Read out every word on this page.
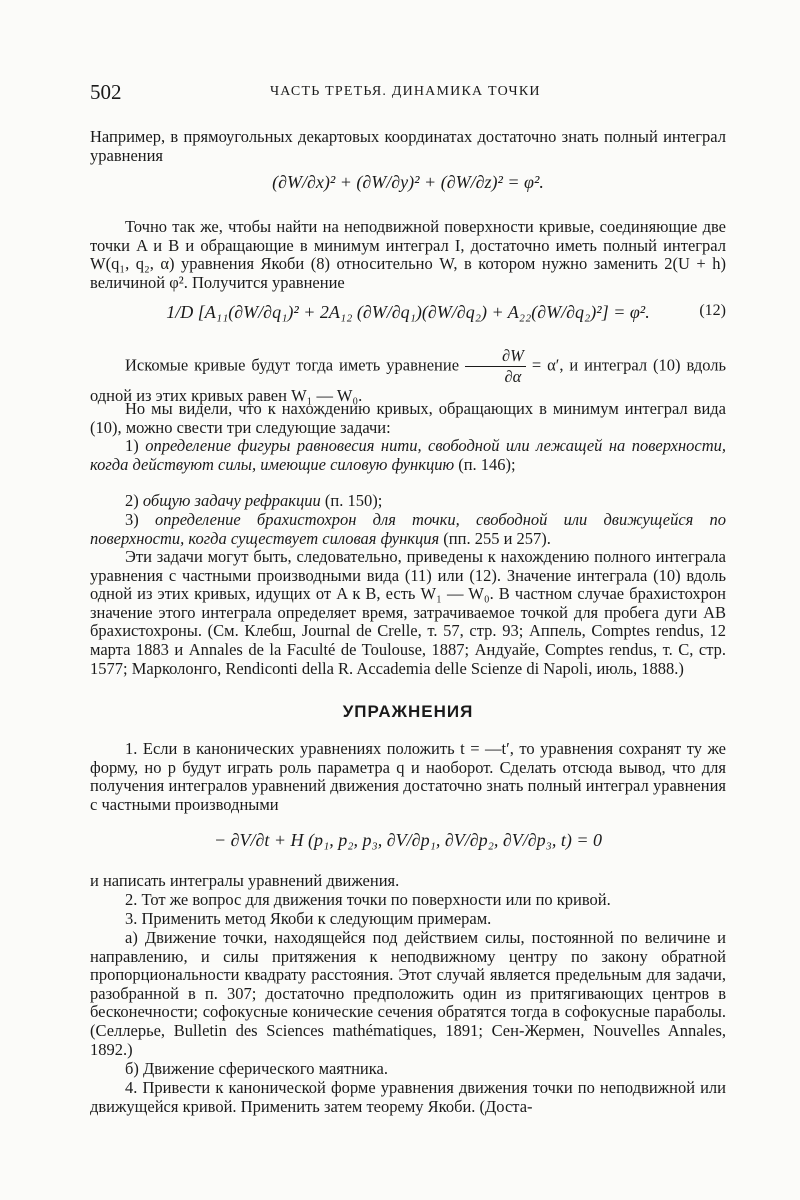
502	ЧАСТЬ ТРЕТЬЯ. ДИНАМИКА ТОЧКИ
Например, в прямоугольных декартовых координатах достаточно знать полный интеграл уравнения
(∂W/∂x)² + (∂W/∂y)² + (∂W/∂z)² = φ².
Точно так же, чтобы найти на неподвижной поверхности кривые, соединяющие две точки A и B и обращающие в минимум интеграл I, достаточно иметь полный интеграл W(q₁, q₂, α) уравнения Якоби (8) относительно W, в котором нужно заменить 2(U + h) величиной φ². Получится уравнение
1/D [A₁₁(∂W/∂q₁)² + 2A₁₂ (∂W/∂q₁)(∂W/∂q₂) + A₂₂(∂W/∂q₂)²] = φ².	(12)
Искомые кривые будут тогда иметь уравнение $\frac{\partial W}{\partial\alpha} = \alpha'$, и интеграл (10) вдоль одной из этих кривых равен W₁ — W₀.
Но мы видели, что к нахождению кривых, обращающих в минимум интеграл вида (10), можно свести три следующие задачи:
1) определение фигуры равновесия нити, свободной или лежащей на поверхности, когда действуют силы, имеющие силовую функцию (п. 146);
2) общую задачу рефракции (п. 150);
3) определение брахистохрон для точки, свободной или движущейся по поверхности, когда существует силовая функция (пп. 255 и 257).
Эти задачи могут быть, следовательно, приведены к нахождению полного интеграла уравнения с частными производными вида (11) или (12). Значение интеграла (10) вдоль одной из этих кривых, идущих от A к B, есть W₁ — W₀. В частном случае брахистохрон значение этого интеграла определяет время, затрачиваемое точкой для пробега дуги AB брахистохроны. (См. Клебш, Journal de Crelle, т. 57, стр. 93; Аппель, Comptes rendus, 12 марта 1883 и Annales de la Faculté de Toulouse, 1887; Андуайе, Comptes rendus, т. С, стр. 1577; Марколонго, Rendiconti della R. Accademia delle Scienze di Napoli, июль, 1888.)
УПРАЖНЕНИЯ
1. Если в канонических уравнениях положить t = —t′, то уравнения сохранят ту же форму, но p будут играть роль параметра q и наоборот. Сделать отсюда вывод, что для получения интегралов уравнений движения достаточно знать полный интеграл уравнения с частными производными
− ∂V/∂t + H (p₁, p₂, p₃, ∂V/∂p₁, ∂V/∂p₂, ∂V/∂p₃, t) = 0
и написать интегралы уравнений движения.
2. Тот же вопрос для движения точки по поверхности или по кривой.
3. Применить метод Якоби к следующим примерам.
а) Движение точки, находящейся под действием силы, постоянной по величине и направлению, и силы притяжения к неподвижному центру по закону обратной пропорциональности квадрату расстояния. Этот случай является предельным для задачи, разобранной в п. 307; достаточно предположить один из притягивающих центров в бесконечности; софокусные конические сечения обратятся тогда в софокусные параболы. (Селлерье, Bulletin des Sciences mathématiques, 1891; Сен-Жермен, Nouvelles Annales, 1892.)
б) Движение сферического маятника.
4. Привести к канонической форме уравнения движения точки по неподвижной или движущейся кривой. Применить затем теорему Якоби. (Доста-
